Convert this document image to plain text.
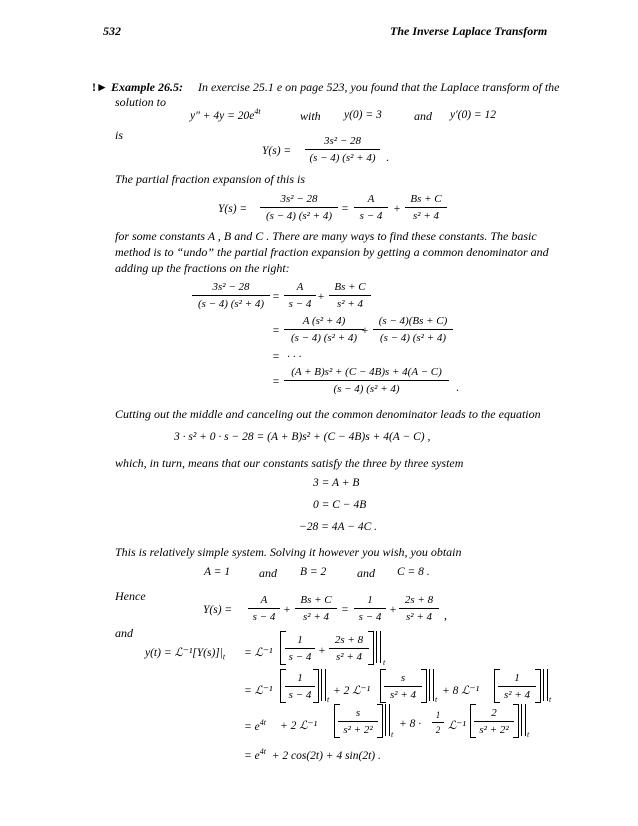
532	The Inverse Laplace Transform
!► Example 26.5: In exercise 25.1 e on page 523, you found that the Laplace transform of the
solution to
$y'' + 4y = 20e^{4t}$	with y(0) = 3	and y′(0) = 12
is
$Y(s) = \frac{\text{3s² − 28}}{\text{(s − 4) (s² + 4)}}$ .
The partial fraction expansion of this is
$Y(s) = \frac{\text{3s² − 28}}{\text{(s − 4) (s² + 4)}} = \frac{A}{s - 4} + \frac{Bs + C}{\text{s² + 4}}$
for some constants A , B and C . There are many ways to find these constants. The basic
method is to “undo” the partial fraction expansion by getting a common denominator and
adding up the fractions on the right:
$\frac{\text{3s² − 28}}{\text{(s − 4) (s² + 4)}} = \frac{A}{s - 4} + \frac{Bs + C}{\text{s² + 4}}$
= $\frac{\text{A (s² + 4)}}{\text{(s − 4) (s² + 4)}}$
+ $\frac{(s - 4)(Bs + C)}{\text{(s − 4) (s² + 4)}}$
= · · ·
= $\frac{\text{(A + B)s² + (C − 4B)s + 4(A − C)}}{\text{(s − 4) (s² + 4)}}$ .
Cutting out the middle and canceling out the common denominator leads to the equation
3 · s² + 0 · s − 28 = (A + B)s² + (C − 4B)s + 4(A − C) ,
which, in turn, means that our constants satisfy the three by three system
3 = A + B
0 = C − 4B
−28 = 4A − 4C .
This is relatively simple system. Solving it however you wish, you obtain
A = 1 and B = 2	and C = 8 .
Hence
$Y(s) = \frac{A}{s - 4} + \frac{Bs + C}{\text{s² + 4}} = \frac{1}{s - 4} + \frac{2s + 8}{\text{s² + 4}}$ ,
and
$y(t) = ℒ^{-1}[Y(s)]|_t$ = ℒ⁻¹ $\frac{1}{s - 4} + \frac{2s + 8}{\text{s² + 4}}$ t
= ℒ⁻¹ $\frac{1}{s - 4}$ t
+ 2 ℒ⁻¹ $\frac{s}{\text{s² + 4}}$ t
+ 8 ℒ⁻¹ $\frac{1}{\text{s² + 4}}$ t
= $e^{4t} + 2$ ℒ⁻¹ $\frac{s}{\text{s² + 2²}}$ t
+ $8 \cdot \frac{1}{2}$ ℒ⁻¹ $\frac{2}{\text{s² + 2²}}$ t
= $e^{4t} + 2$ cos(2t) + 4 sin(2t) .
